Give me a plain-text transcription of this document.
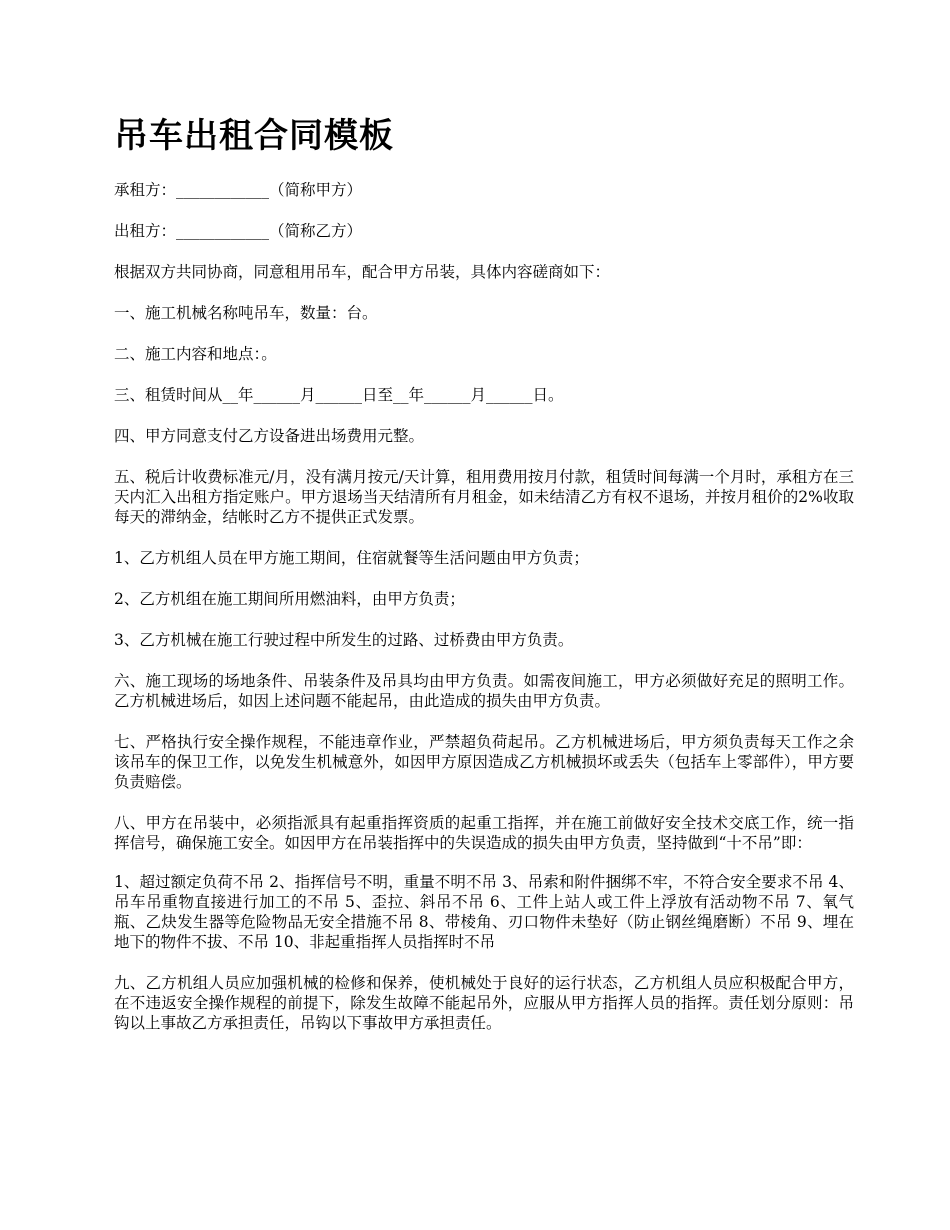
吊车出租合同模板

承租方：____________（简称甲方）

出租方：____________（简称乙方）

根据双方共同协商，同意租用吊车，配合甲方吊装，具体内容磋商如下：

一、施工机械名称吨吊车，数量：台。

二、施工内容和地点：。

三、租赁时间从__年______月______日至__年______月______日。

四、甲方同意支付乙方设备进出场费用元整。

五、税后计收费标准元/月，没有满月按元/天计算，租用费用按月付款，租赁时间每满一个月时，承租方在三天内汇入出租方指定账户。甲方退场当天结清所有月租金，如未结清乙方有权不退场，并按月租价的2%收取每天的滞纳金，结帐时乙方不提供正式发票。

1、乙方机组人员在甲方施工期间，住宿就餐等生活问题由甲方负责；

2、乙方机组在施工期间所用燃油料，由甲方负责；

3、乙方机械在施工行驶过程中所发生的过路、过桥费由甲方负责。

六、施工现场的场地条件、吊装条件及吊具均由甲方负责。如需夜间施工，甲方必须做好充足的照明工作。乙方机械进场后，如因上述问题不能起吊，由此造成的损失由甲方负责。

七、严格执行安全操作规程，不能违章作业，严禁超负荷起吊。乙方机械进场后，甲方须负责每天工作之余该吊车的保卫工作，以免发生机械意外，如因甲方原因造成乙方机械损坏或丢失（包括车上零部件），甲方要负责赔偿。

八、甲方在吊装中，必须指派具有起重指挥资质的起重工指挥，并在施工前做好安全技术交底工作，统一指挥信号，确保施工安全。如因甲方在吊装指挥中的失误造成的损失由甲方负责，坚持做到“十不吊”即：

1、超过额定负荷不吊 2、指挥信号不明，重量不明不吊 3、吊索和附件捆绑不牢，不符合安全要求不吊 4、吊车吊重物直接进行加工的不吊 5、歪拉、斜吊不吊 6、工件上站人或工件上浮放有活动物不吊 7、氧气瓶、乙炔发生器等危险物品无安全措施不吊 8、带棱角、刃口物件未垫好（防止钢丝绳磨断）不吊 9、埋在地下的物件不拔、不吊 10、非起重指挥人员指挥时不吊

九、乙方机组人员应加强机械的检修和保养，使机械处于良好的运行状态，乙方机组人员应积极配合甲方，在不违返安全操作规程的前提下，除发生故障不能起吊外，应服从甲方指挥人员的指挥。责任划分原则：吊钩以上事故乙方承担责任，吊钩以下事故甲方承担责任。
